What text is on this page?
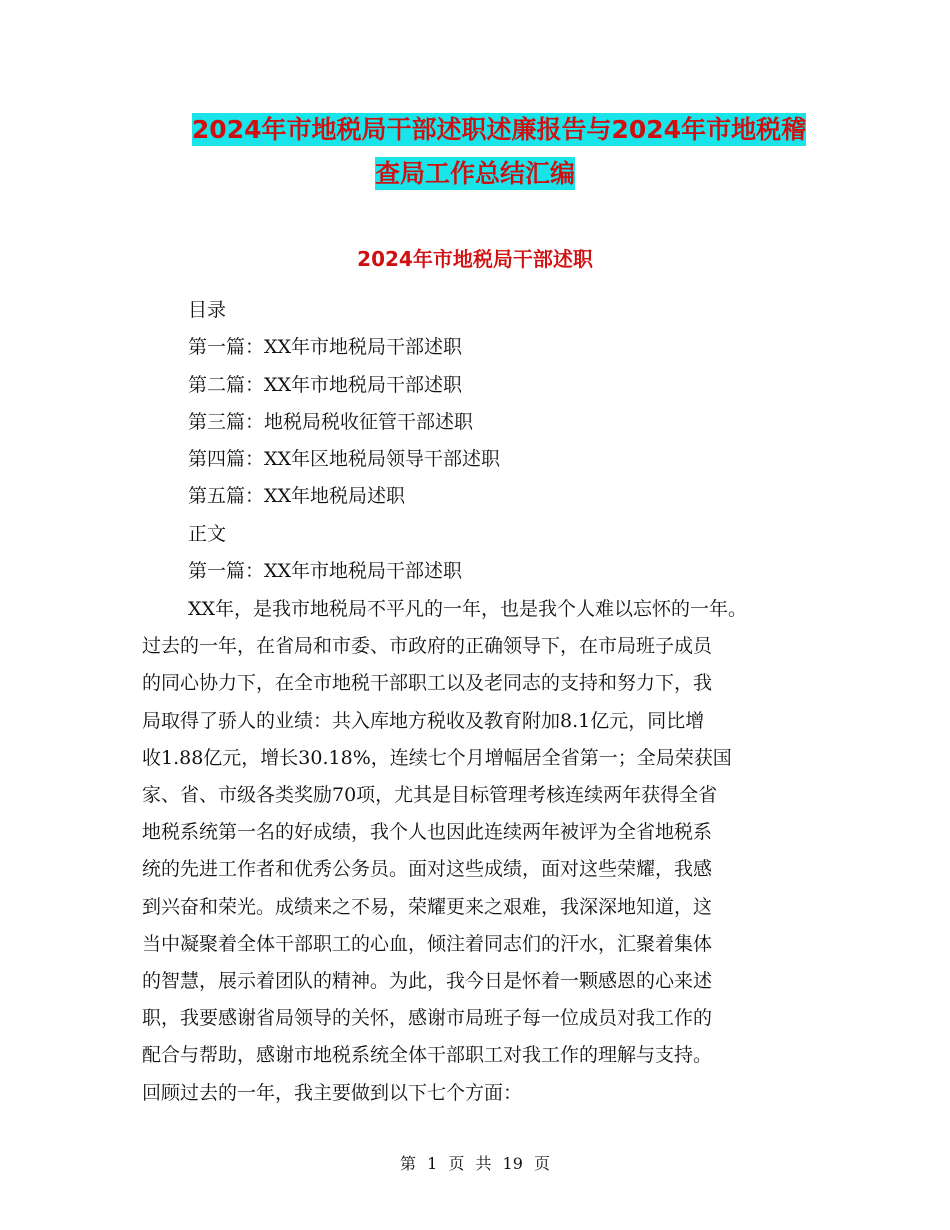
2024年市地税局干部述职述廉报告与2024年市地税稽
查局工作总结汇编
2024年市地税局干部述职
目录
第一篇：XX年市地税局干部述职
第二篇：XX年市地税局干部述职
第三篇：地税局税收征管干部述职
第四篇：XX年区地税局领导干部述职
第五篇：XX年地税局述职
正文
第一篇：XX年市地税局干部述职
XX年，是我市地税局不平凡的一年，也是我个人难以忘怀的一年。
过去的一年，在省局和市委、市政府的正确领导下，在市局班子成员
的同心协力下，在全市地税干部职工以及老同志的支持和努力下，我
局取得了骄人的业绩：共入库地方税收及教育附加8.1亿元，同比增
收1.88亿元，增长30.18%，连续七个月增幅居全省第一；全局荣获国
家、省、市级各类奖励70项，尤其是目标管理考核连续两年获得全省
地税系统第一名的好成绩，我个人也因此连续两年被评为全省地税系
统的先进工作者和优秀公务员。面对这些成绩，面对这些荣耀，我感
到兴奋和荣光。成绩来之不易，荣耀更来之艰难，我深深地知道，这
当中凝聚着全体干部职工的心血，倾注着同志们的汗水，汇聚着集体
的智慧，展示着团队的精神。为此，我今日是怀着一颗感恩的心来述
职，我要感谢省局领导的关怀，感谢市局班子每一位成员对我工作的
配合与帮助，感谢市地税系统全体干部职工对我工作的理解与支持。
回顾过去的一年，我主要做到以下七个方面：
第 1 页 共 19 页
